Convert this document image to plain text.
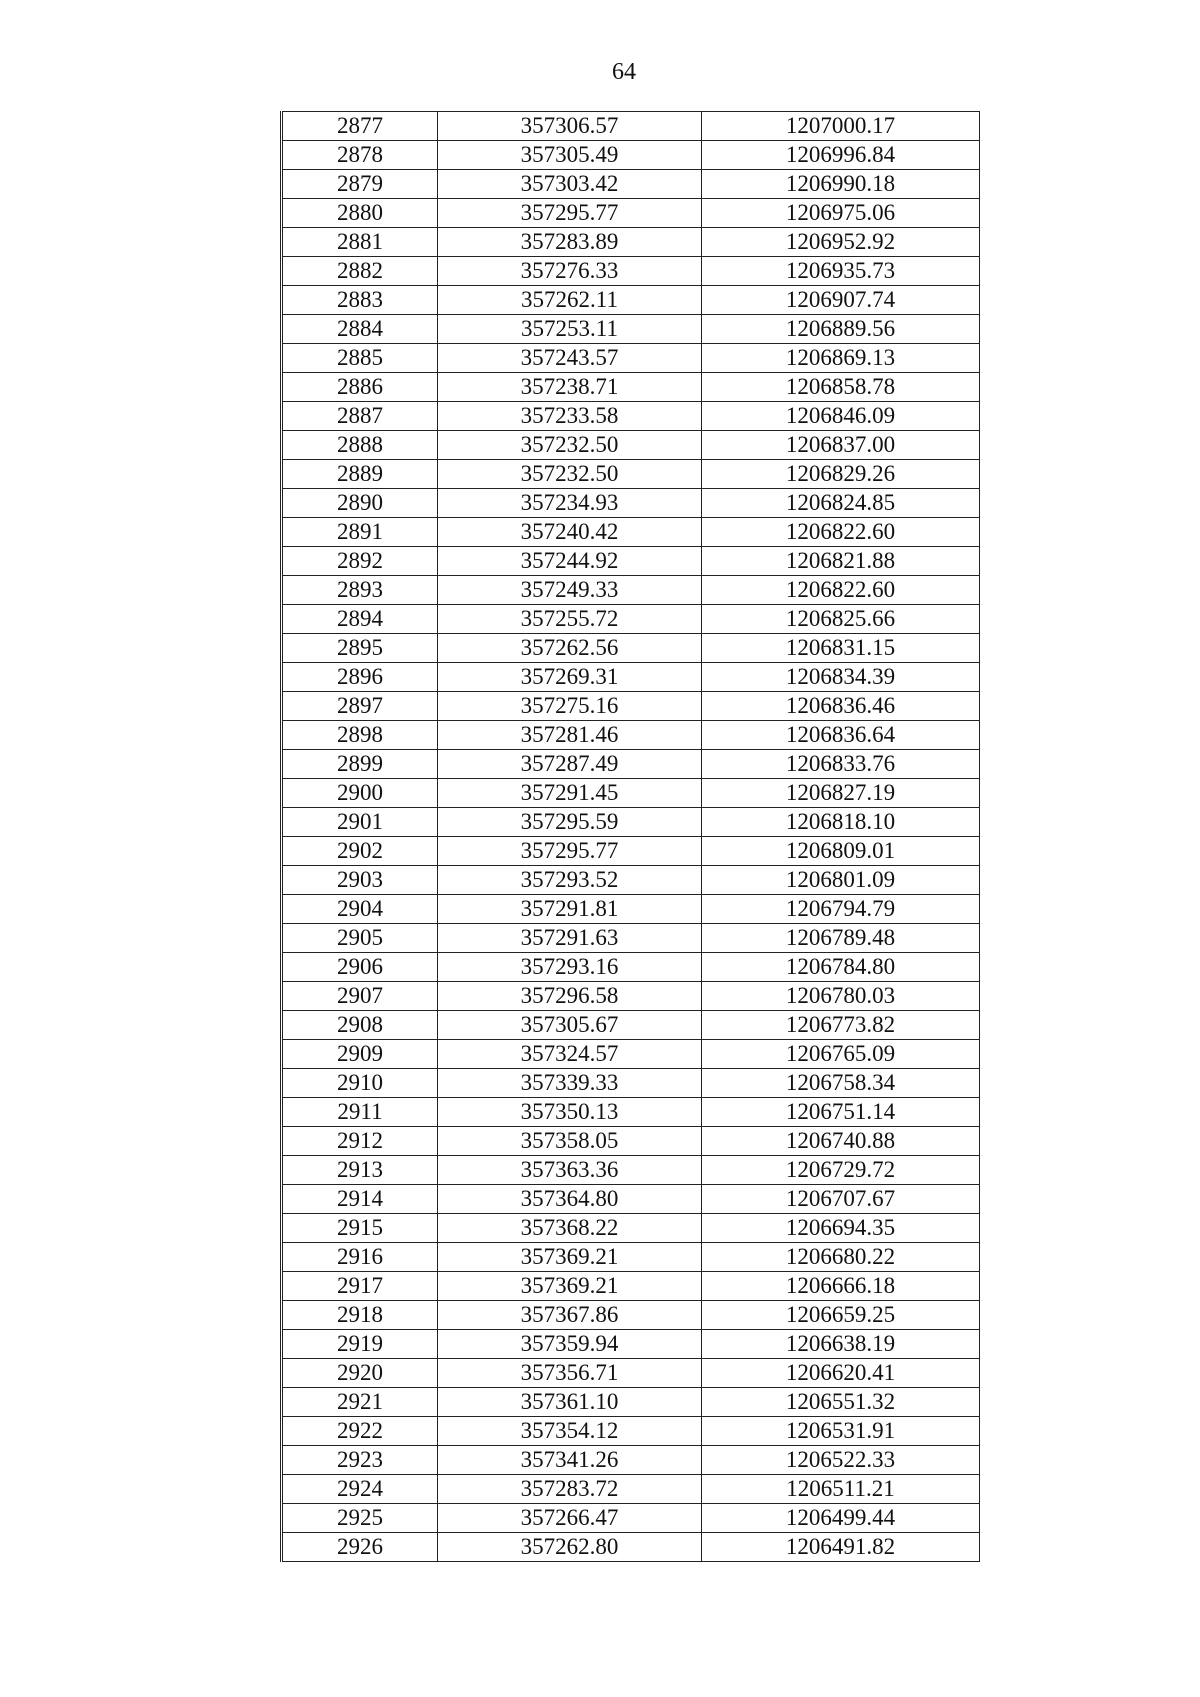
64
2877	357306.57	1207000.17
2878	357305.49	1206996.84
2879	357303.42	1206990.18
2880	357295.77	1206975.06
2881	357283.89	1206952.92
2882	357276.33	1206935.73
2883	357262.11	1206907.74
2884	357253.11	1206889.56
2885	357243.57	1206869.13
2886	357238.71	1206858.78
2887	357233.58	1206846.09
2888	357232.50	1206837.00
2889	357232.50	1206829.26
2890	357234.93	1206824.85
2891	357240.42	1206822.60
2892	357244.92	1206821.88
2893	357249.33	1206822.60
2894	357255.72	1206825.66
2895	357262.56	1206831.15
2896	357269.31	1206834.39
2897	357275.16	1206836.46
2898	357281.46	1206836.64
2899	357287.49	1206833.76
2900	357291.45	1206827.19
2901	357295.59	1206818.10
2902	357295.77	1206809.01
2903	357293.52	1206801.09
2904	357291.81	1206794.79
2905	357291.63	1206789.48
2906	357293.16	1206784.80
2907	357296.58	1206780.03
2908	357305.67	1206773.82
2909	357324.57	1206765.09
2910	357339.33	1206758.34
2911	357350.13	1206751.14
2912	357358.05	1206740.88
2913	357363.36	1206729.72
2914	357364.80	1206707.67
2915	357368.22	1206694.35
2916	357369.21	1206680.22
2917	357369.21	1206666.18
2918	357367.86	1206659.25
2919	357359.94	1206638.19
2920	357356.71	1206620.41
2921	357361.10	1206551.32
2922	357354.12	1206531.91
2923	357341.26	1206522.33
2924	357283.72	1206511.21
2925	357266.47	1206499.44
2926	357262.80	1206491.82
